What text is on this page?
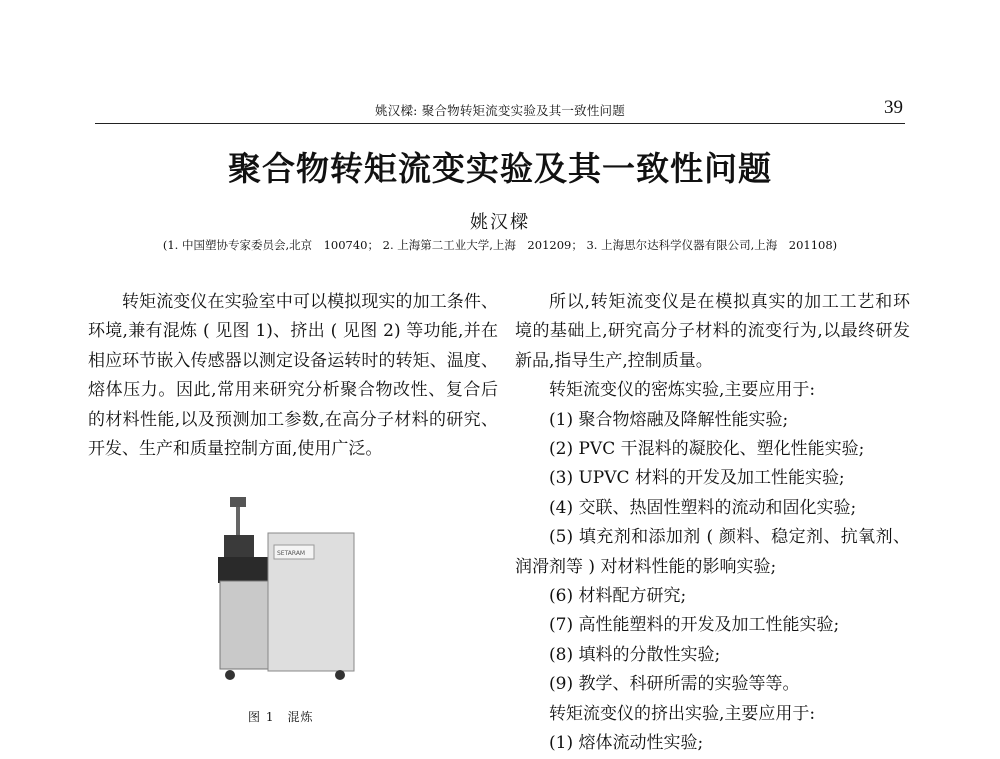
姚汉樑: 聚合物转矩流变实验及其一致性问题	39
聚合物转矩流变实验及其一致性问题
姚汉樑
(1. 中国塑协专家委员会,北京　100740； 2. 上海第二工业大学,上海　201209； 3. 上海思尔达科学仪器有限公司,上海　201108)

转矩流变仪在实验室中可以模拟现实的加工条件、环境,兼有混炼 ( 见图 1)、挤出 ( 见图 2) 等功能,并在相应环节嵌入传感器以测定设备运转时的转矩、温度、熔体压力。因此,常用来研究分析聚合物改性、复合后的材料性能,以及预测加工参数,在高分子材料的研究、开发、生产和质量控制方面,使用广泛。

SETARAM
图 1　混炼

所以,转矩流变仪是在模拟真实的加工工艺和环境的基础上,研究高分子材料的流变行为,以最终研发新品,指导生产,控制质量。

转矩流变仪的密炼实验,主要应用于:

(1) 聚合物熔融及降解性能实验;

(2) PVC 干混料的凝胶化、塑化性能实验;

(3) UPVC 材料的开发及加工性能实验;

(4) 交联、热固性塑料的流动和固化实验;

(5) 填充剂和添加剂 ( 颜料、稳定剂、抗氧剂、润滑剂等 ) 对材料性能的影响实验;

(6) 材料配方研究;

(7) 高性能塑料的开发及加工性能实验;

(8) 填料的分散性实验;

(9) 教学、科研所需的实验等等。

转矩流变仪的挤出实验,主要应用于:

(1) 熔体流动性实验;
